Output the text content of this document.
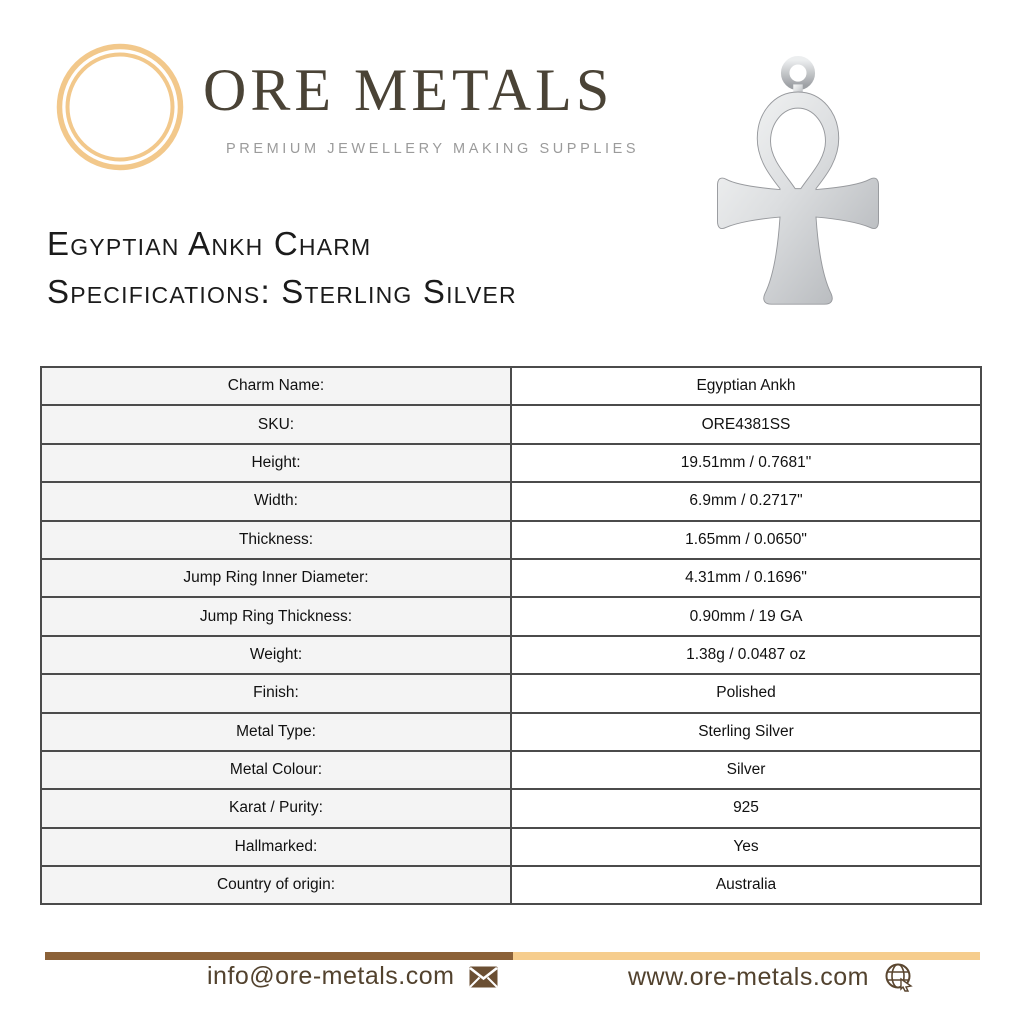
ORE METALS
PREMIUM JEWELLERY MAKING SUPPLIES
Egyptian Ankh Charm
Specifications: Sterling Silver
Charm Name:	Egyptian Ankh
SKU:	ORE4381SS
Height:	19.51mm / 0.7681"
Width:	6.9mm / 0.2717"
Thickness:	1.65mm / 0.0650"
Jump Ring Inner Diameter:	4.31mm / 0.1696"
Jump Ring Thickness:	0.90mm / 19 GA
Weight:	1.38g / 0.0487 oz
Finish:	Polished
Metal Type:	Sterling Silver
Metal Colour:	Silver
Karat / Purity:	925
Hallmarked:	Yes
Country of origin:	Australia
info@ore-metals.com	www.ore-metals.com
